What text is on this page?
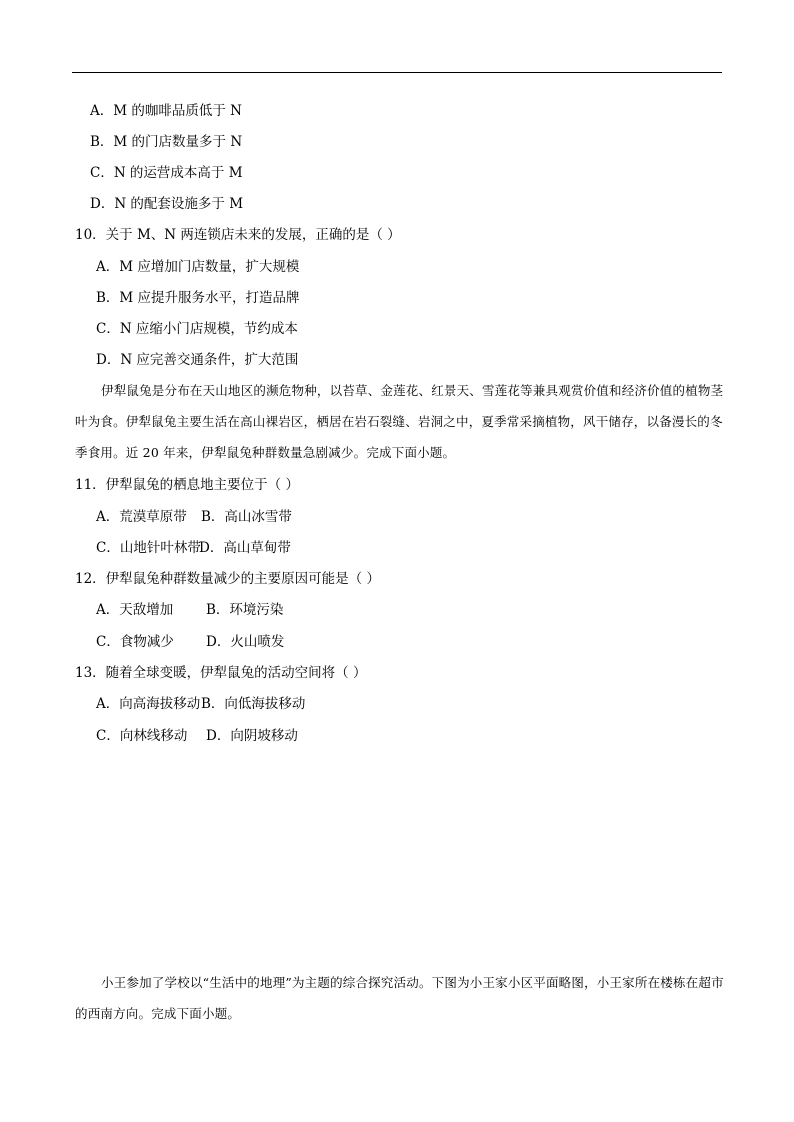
A．M 的咖啡品质低于 N
B．M 的门店数量多于 N
C．N 的运营成本高于 M
D．N 的配套设施多于 M
10．关于 M、N 两连锁店未来的发展，正确的是（ ）
A．M 应增加门店数量，扩大规模
B．M 应提升服务水平，打造品牌
C．N 应缩小门店规模，节约成本
D．N 应完善交通条件，扩大范围
伊犁鼠兔是分布在天山地区的濒危物种，以苔草、金莲花、红景天、雪莲花等兼具观赏价值和经济价值的植物茎叶为食。伊犁鼠兔主要生活在高山裸岩区，栖居在岩石裂缝、岩洞之中，夏季常采摘植物，风干储存，以备漫长的冬季食用。近 20 年来，伊犁鼠兔种群数量急剧减少。完成下面小题。
11．伊犁鼠兔的栖息地主要位于（ ）
A．荒漠草原带 B．高山冰雪带
C．山地针叶林带D．高山草甸带
12．伊犁鼠兔种群数量减少的主要原因可能是（ ）
A．天敌增加 B．环境污染
C．食物减少 D．火山喷发
13．随着全球变暖，伊犁鼠兔的活动空间将（ ）
A．向高海拔移动B．向低海拔移动
C．向林线移动 D．向阴坡移动
小王参加了学校以“生活中的地理”为主题的综合探究活动。下图为小王家小区平面略图，小王家所在楼栋在超市的西南方向。完成下面小题。
